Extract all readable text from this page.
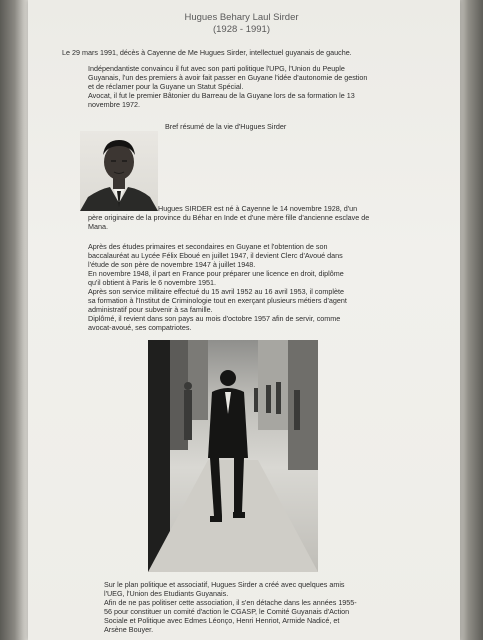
Hugues Behary Laul Sirder
(1928 - 1991)
Le 29 mars 1991, décès à Cayenne de Me Hugues Sirder, intellectuel guyanais de gauche.
Indépendantiste convaincu il fut avec son parti politique l'UPG, l'Union du Peuple
Guyanais, l'un des premiers à avoir fait passer en Guyane l'idée d'autonomie de gestion
et de réclamer pour la Guyane un Statut Spécial.
Avocat, il fut le premier Bâtonier du Barreau de la Guyane lors de sa formation le 13
novembre 1972.
Bref résumé de la vie d'Hugues Sirder
Hugues SIRDER est né à Cayenne le 14 novembre 1928, d'un
père originaire de la province du Béhar en Inde et d'une mère fille d'ancienne esclave de
Mana.
Après des études primaires et secondaires en Guyane et l'obtention de son
baccalauréat au Lycée Félix Eboué en juillet 1947, il devient Clerc d'Avoué dans
l'étude de son père de novembre 1947 à juillet 1948.
En novembre 1948, il part en France pour préparer une licence en droit, diplôme
qu'il obtient à Paris le 6 novembre 1951.
Après son service militaire effectué du 15 avril 1952 au 16 avril 1953, il complète
sa formation à l'Institut de Criminologie tout en exerçant plusieurs métiers d'agent
administratif pour subvenir à sa famille.
Diplômé, il revient dans son pays au mois d'octobre 1957 afin de servir, comme
avocat-avoué, ses compatriotes.
Sur le plan politique et associatif, Hugues Sirder a créé avec quelques amis
l'UEG, l'Union des Etudiants Guyanais.
Afin de ne pas politiser cette association, il s'en détache dans les années 1955-
56 pour constituer un comité d'action le CGASP, le Comité Guyanais d'Action
Sociale et Politique avec Edmes Léonço, Henri Henriot, Armide Nadicé, et
Arsène Bouyer.
